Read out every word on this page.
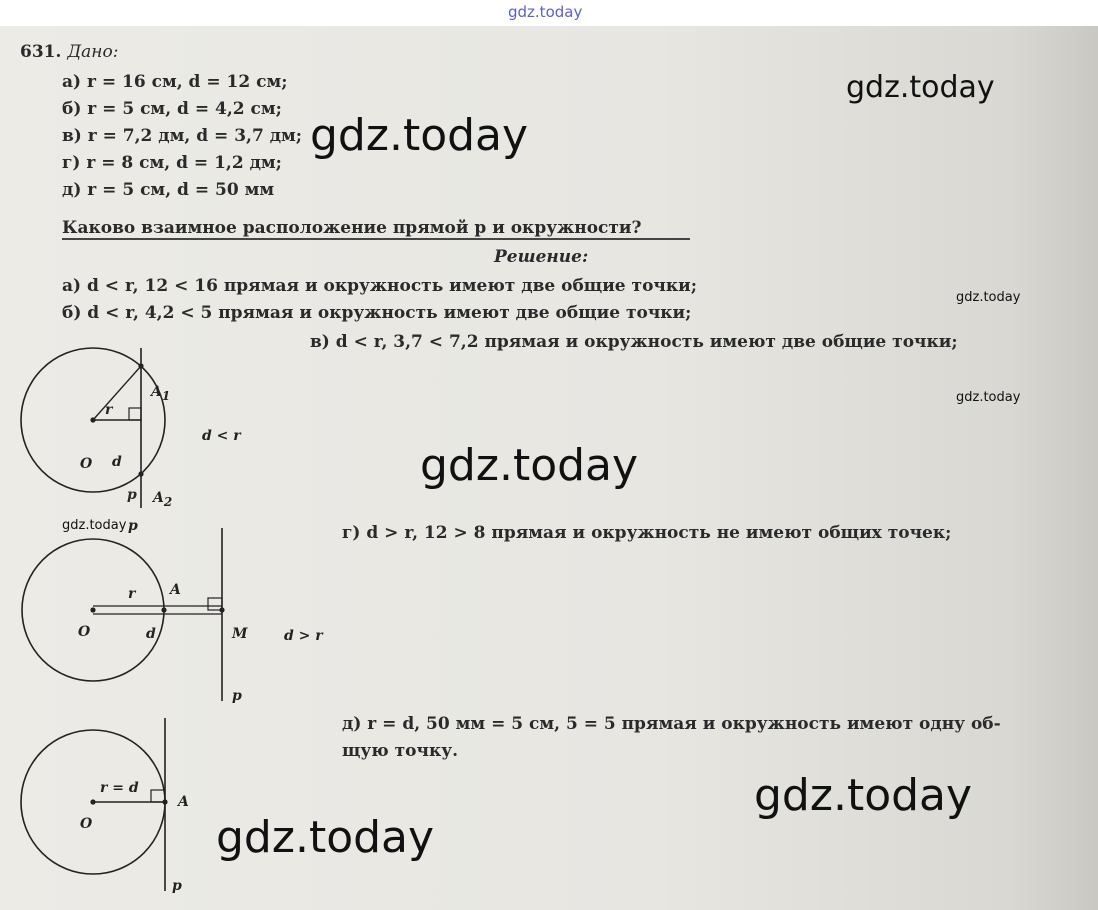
gdz.today
631. Дано:
а) r = 16 см, d = 12 см;
б) r = 5 см, d = 4,2 см;
в) r = 7,2 дм, d = 3,7 дм;
г) r = 8 см, d = 1,2 дм;
д) r = 5 см, d = 50 мм
Каково взаимное расположение прямой p и окружности?
Решение:
а) d < r, 12 < 16 прямая и окружность имеют две общие точки;
б) d < r, 4,2 < 5 прямая и окружность имеют две общие точки;
в) d < r, 3,7 < 7,2 прямая и окружность имеют две общие точки;
г) d > r, 12 > 8 прямая и окружность не имеют общих точек;
д) r = d, 50 мм = 5 см, 5 = 5 прямая и окружность имеют одну об-
щую точку.
O d
r
A1
A2
p
d < r
p
O
r
d
A
M	d > r
p
O
r = d
A
p
gdz.today
gdz.today
gdz.today
gdz.today
gdz.today
gdz.today
gdz.today
gdz.today
